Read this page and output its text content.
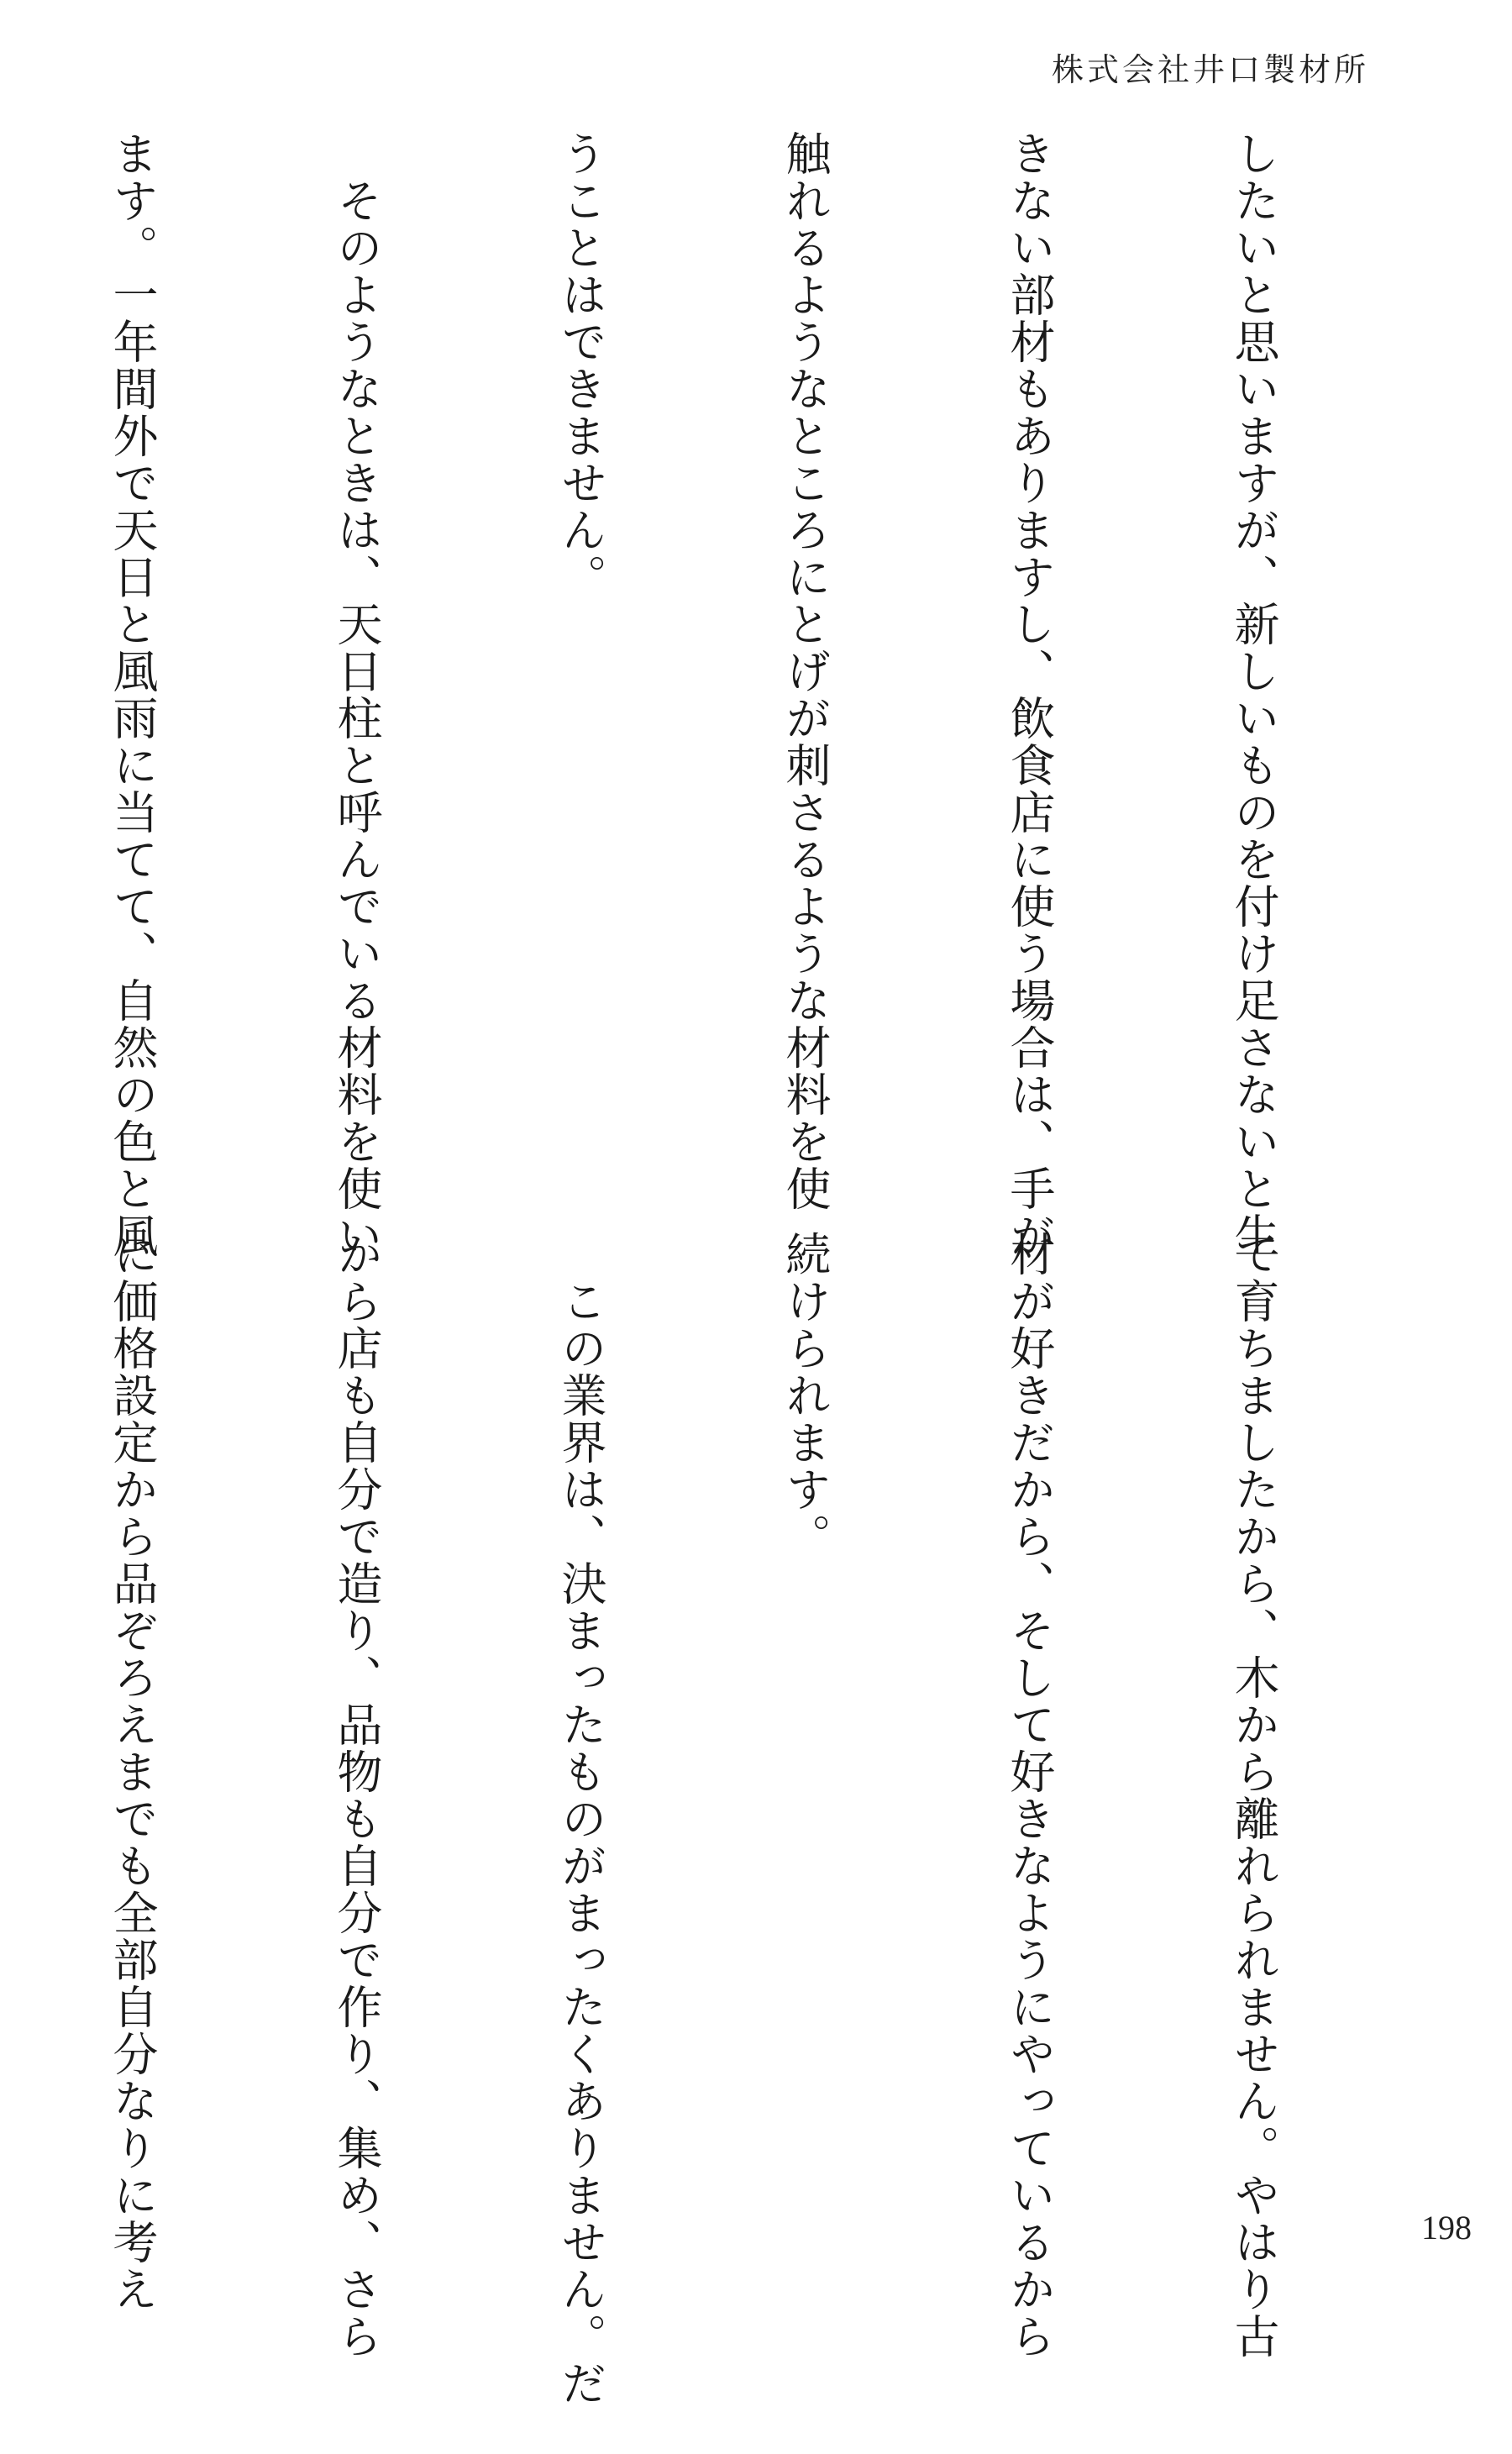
株式会社井口製材所

したいと思いますが、新しいものを付け足さないと生

きない部材もありますし、飲食店に使う場合は、手が

触れるようなところにとげが刺さるような材料を使

うことはできません。

　そのようなときは、天日柱と呼んでいる材料を使い

ます。一年間外で天日と風雨に当てて、自然の色と風

て育ちましたから、木から離れられません。やはり古

材が好きだから、そして好きなようにやっているから

続けられます。

　この業界は、決まったものがまったくありません。だ

から店も自分で造り、品物も自分で作り、集め、さら

に価格設定から品ぞろえまでも全部自分なりに考え

	198
